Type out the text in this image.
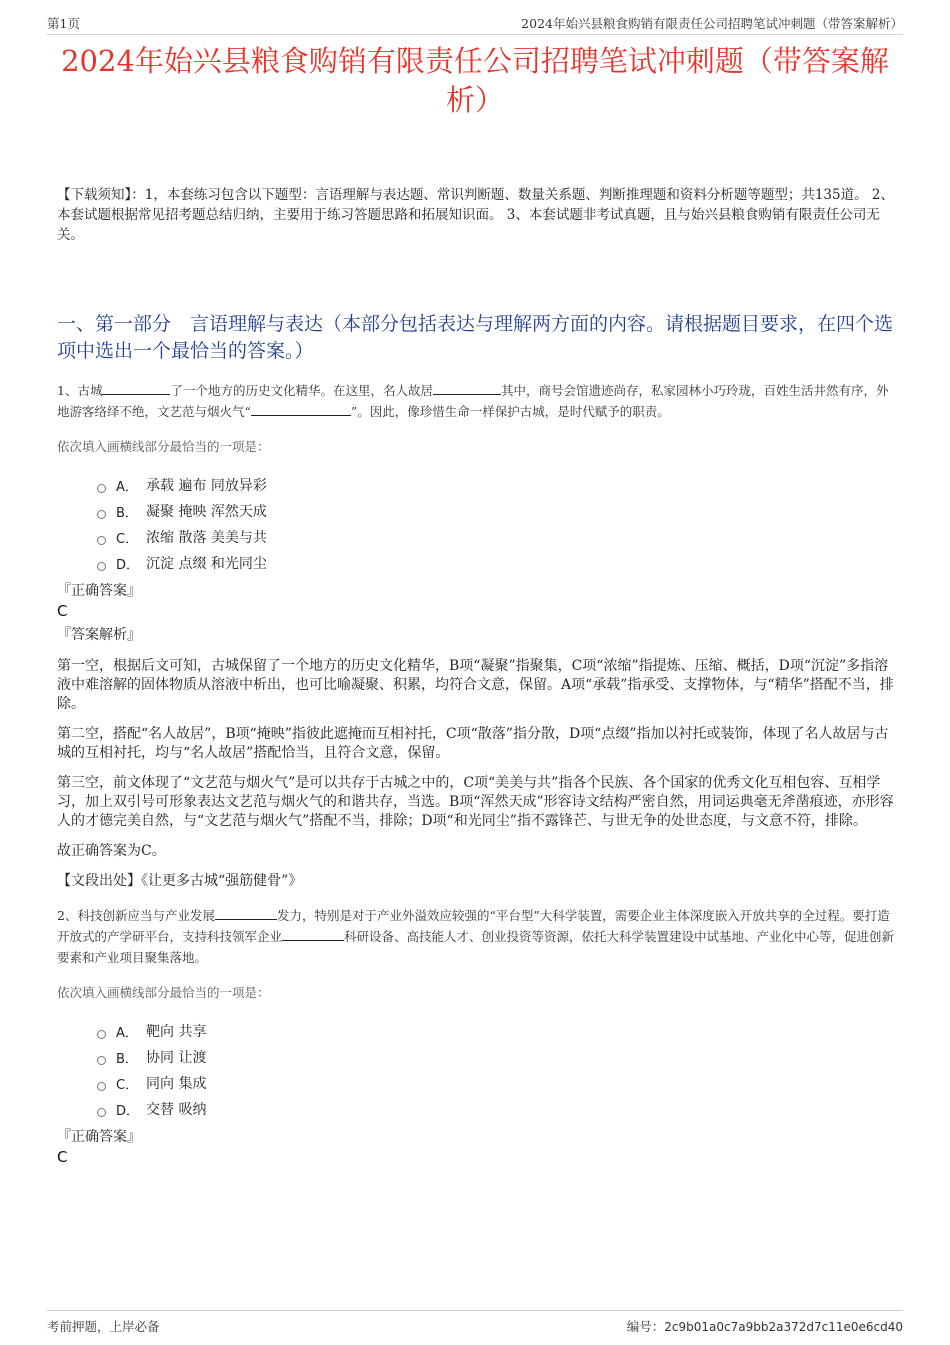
第1页	2024年始兴县粮食购销有限责任公司招聘笔试冲刺题（带答案解析）
2024年始兴县粮食购销有限责任公司招聘笔试冲刺题（带答案解析）
【下载须知】：1，本套练习包含以下题型：言语理解与表达题、常识判断题、数量关系题、判断推理题和资料分析题等题型；共135道。 2、本套试题根据常见招考题总结归纳，主要用于练习答题思路和拓展知识面。 3、本套试题非考试真题，且与始兴县粮食购销有限责任公司无关。
一、第一部分　言语理解与表达（本部分包括表达与理解两方面的内容。请根据题目要求，在四个选项中选出一个最恰当的答案。）

1、古城	了一个地方的历史文化精华。在这里，名人故居	其中，商号会馆遗迹尚存，私家园林小巧玲珑，百姓生活井然有序，外地游客络绎不绝，文艺范与烟火气“	”。因此，像珍惜生命一样保护古城，是时代赋予的职责。

依次填入画横线部分最恰当的一项是：

A． 承载 遍布 同放异彩
B． 凝聚 掩映 浑然天成
C． 浓缩 散落 美美与共
D． 沉淀 点缀 和光同尘

『正确答案』

C

『答案解析』

第一空，根据后文可知，古城保留了一个地方的历史文化精华，B项“凝聚”指聚集，C项“浓缩”指提炼、压缩、概括，D项“沉淀”多指溶液中难溶解的固体物质从溶液中析出，也可比喻凝聚、积累，均符合文意，保留。A项“承载”指承受、支撑物体，与“精华”搭配不当，排除。

第二空，搭配“名人故居”，B项“掩映”指彼此遮掩而互相衬托，C项“散落”指分散，D项“点缀”指加以衬托或装饰，体现了名人故居与古城的互相衬托，均与“名人故居”搭配恰当，且符合文意，保留。

第三空，前文体现了“文艺范与烟火气”是可以共存于古城之中的，C项“美美与共”指各个民族、各个国家的优秀文化互相包容、互相学习，加上双引号可形象表达文艺范与烟火气的和谐共存，当选。B项“浑然天成”形容诗文结构严密自然，用词运典毫无斧凿痕迹，亦形容人的才德完美自然，与“文艺范与烟火气”搭配不当，排除；D项“和光同尘”指不露锋芒、与世无争的处世态度，与文意不符，排除。

故正确答案为C。

【文段出处】《让更多古城“强筋健骨”》

2、科技创新应当与产业发展	发力，特别是对于产业外溢效应较强的“平台型”大科学装置，需要企业主体深度嵌入开放共享的全过程。要打造开放式的产学研平台，支持科技领军企业	科研设备、高技能人才、创业投资等资源，依托大科学装置建设中试基地、产业化中心等，促进创新要素和产业项目聚集落地。

依次填入画横线部分最恰当的一项是：

A． 靶向 共享
B． 协同 让渡
C． 同向 集成
D． 交替 吸纳

『正确答案』

C

考前押题，上岸必备	编号：2c9b01a0c7a9bb2a372d7c11e0e6cd40
